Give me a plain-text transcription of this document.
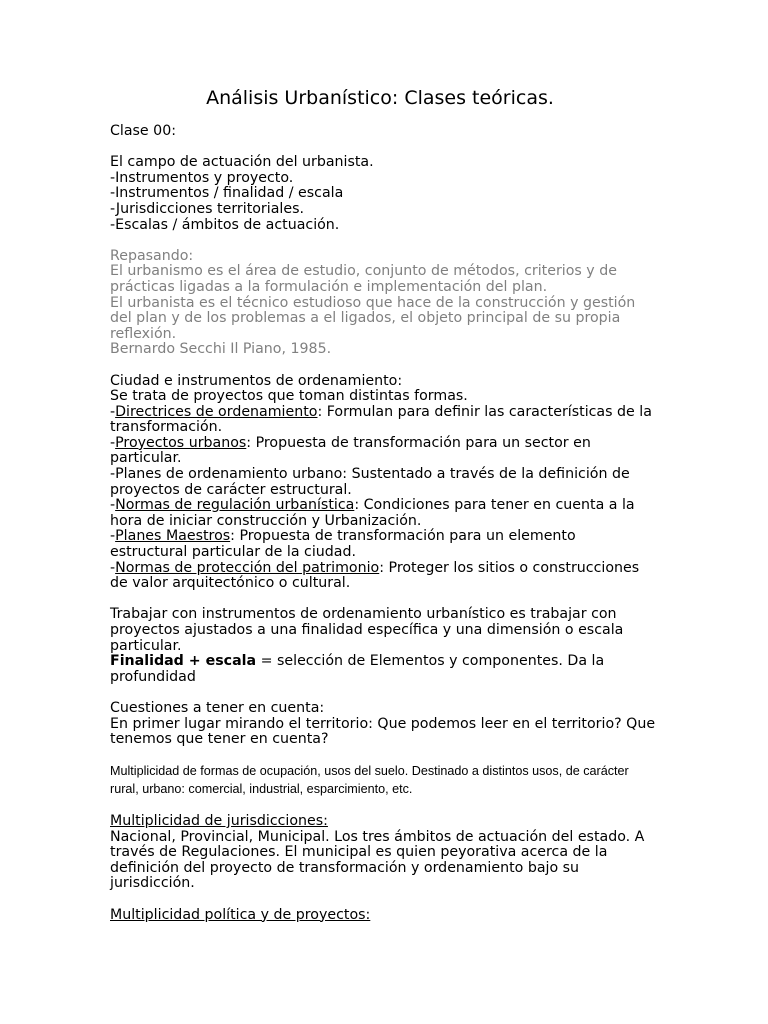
Análisis Urbanístico: Clases teóricas.
Clase 00:
El campo de actuación del urbanista.
-Instrumentos y proyecto.
-Instrumentos / finalidad / escala
-Jurisdicciones territoriales.
-Escalas / ámbitos de actuación.
Repasando:
El urbanismo es el área de estudio, conjunto de métodos, criterios y de
prácticas ligadas a la formulación e implementación del plan.
El urbanista es el técnico estudioso que hace de la construcción y gestión
del plan y de los problemas a el ligados, el objeto principal de su propia
reflexión.
Bernardo Secchi Il Piano, 1985.
Ciudad e instrumentos de ordenamiento:
Se trata de proyectos que toman distintas formas.
-Directrices de ordenamiento: Formulan para definir las características de la
transformación.
-Proyectos urbanos: Propuesta de transformación para un sector en
particular.
-Planes de ordenamiento urbano: Sustentado a través de la definición de
proyectos de carácter estructural.
-Normas de regulación urbanística: Condiciones para tener en cuenta a la
hora de iniciar construcción y Urbanización.
-Planes Maestros: Propuesta de transformación para un elemento
estructural particular de la ciudad.
-Normas de protección del patrimonio: Proteger los sitios o construcciones
de valor arquitectónico o cultural.
Trabajar con instrumentos de ordenamiento urbanístico es trabajar con
proyectos ajustados a una finalidad específica y una dimensión o escala
particular.
Finalidad + escala = selección de Elementos y componentes. Da la
profundidad
Cuestiones a tener en cuenta:
En primer lugar mirando el territorio: Que podemos leer en el territorio? Que
tenemos que tener en cuenta?
Multiplicidad de formas de ocupación, usos del suelo. Destinado a distintos usos, de carácter
rural, urbano: comercial, industrial, esparcimiento, etc.
Multiplicidad de jurisdicciones:
Nacional, Provincial, Municipal. Los tres ámbitos de actuación del estado. A
través de Regulaciones. El municipal es quien peyorativa acerca de la
definición del proyecto de transformación y ordenamiento bajo su
jurisdicción.
Multiplicidad política y de proyectos:
